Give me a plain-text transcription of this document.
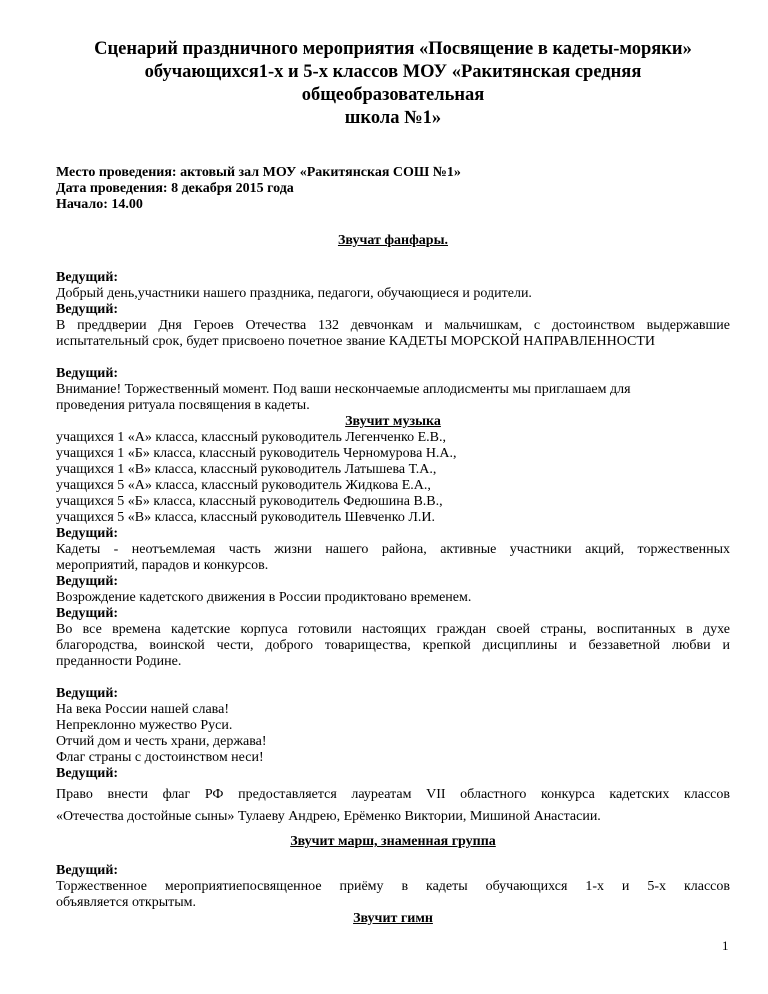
Сценарий праздничного мероприятия «Посвящение в кадеты-моряки»

обучающихся1-х и 5-х классов МОУ «Ракитянская средняя общеобразовательная

школа №1»

Место проведения: актовый зал МОУ «Ракитянская СОШ №1»
Дата проведения: 8 декабря 2015 года
Начало: 14.00
Звучат фанфары.
Ведущий:
Добрый день,участники нашего праздника, педагоги, обучающиеся и родители.
Ведущий:
В преддверии Дня Героев Отечества 132 девчонкам и мальчишкам, с достоинством выдержавшие
испытательный срок, будет присвоено почетное звание КАДЕТЫ МОРСКОЙ НАПРАВЛЕННОСТИ
Ведущий:
Внимание! Торжественный момент. Под ваши нескончаемые аплодисменты мы приглашаем для
проведения ритуала посвящения в кадеты.
Звучит музыка
учащихся 1 «А» класса, классный руководитель Легенченко Е.В.,
учащихся 1 «Б» класса, классный руководитель Черномурова Н.А.,
учащихся 1 «В» класса, классный руководитель Латышева Т.А.,
учащихся 5 «А» класса, классный руководитель Жидкова Е.А.,
учащихся 5 «Б» класса, классный руководитель Федюшина В.В.,
учащихся 5 «В» класса, классный руководитель Шевченко Л.И.
Ведущий:
Кадеты - неотъемлемая часть жизни нашего района, активные участники акций, торжественных
мероприятий, парадов и конкурсов.
Ведущий:
Возрождение кадетского движения в России продиктовано временем.
Ведущий:
Во все времена кадетские корпуса готовили настоящих граждан своей страны, воспитанных в духе
благородства, воинской чести, доброго товарищества, крепкой дисциплины и беззаветной любви и
преданности Родине.
Ведущий:
На века России нашей слава!
Непреклонно мужество Руси.
Отчий дом и честь храни, держава!
Флаг страны с достоинством неси!
Ведущий:
Право внести флаг РФ предоставляется лауреатам VII областного конкурса кадетских классов
«Отечества достойные сыны» Тулаеву Андрею, Ерёменко Виктории, Мишиной Анастасии.
Звучит марш, знаменная группа
Ведущий:
Торжественное мероприятиепосвященное приёму в кадеты обучающихся 1-х и 5-х классов
объявляется открытым.
Звучит гимн
1
